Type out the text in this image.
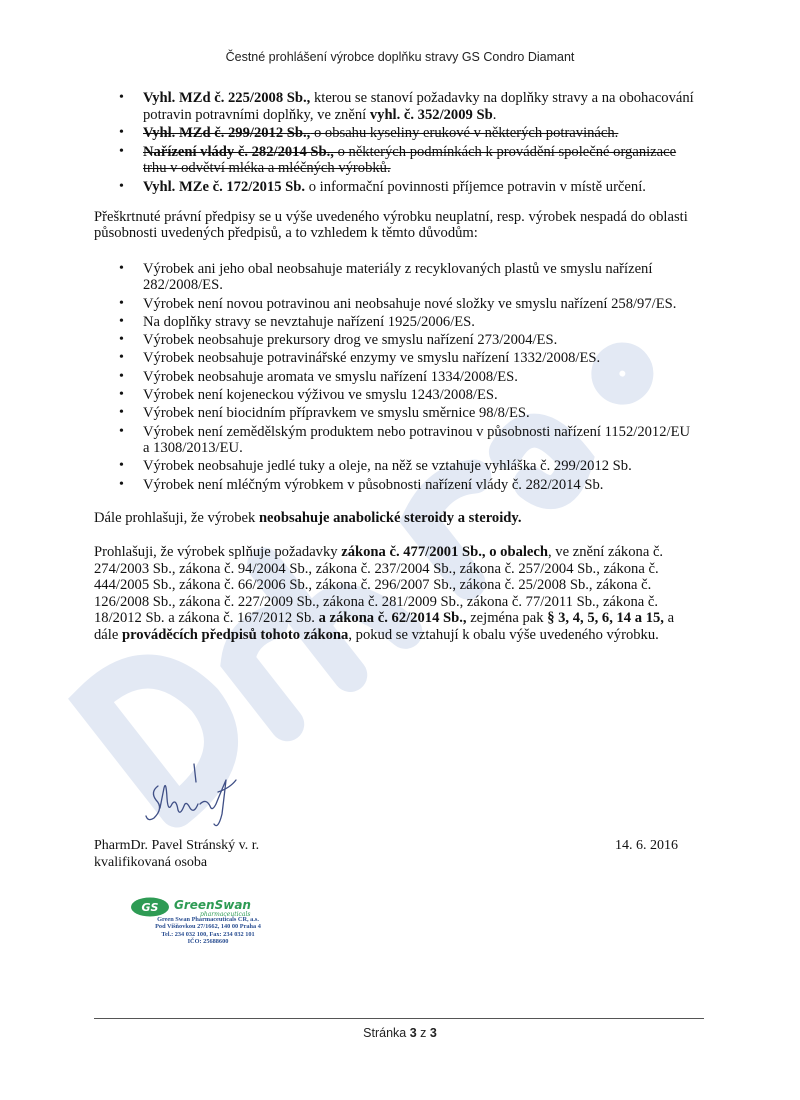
Čestné prohlášení výrobce doplňku stravy GS Condro Diamant
• Vyhl. MZd č. 225/2008 Sb., kterou se stanoví požadavky na doplňky stravy a na obohacování potravin potravními doplňky, ve znění vyhl. č. 352/2009 Sb.
• Vyhl. MZd č. 299/2012 Sb., o obsahu kyseliny erukové v některých potravinách.
• Nařízení vlády č. 282/2014 Sb., o některých podmínkách k provádění společné organizace trhu v odvětví mléka a mléčných výrobků.
• Vyhl. MZe č. 172/2015 Sb. o informační povinnosti příjemce potravin v místě určení.

Přeškrtnuté právní předpisy se u výše uvedeného výrobku neuplatní, resp. výrobek nespadá do oblasti působnosti uvedených předpisů, a to vzhledem k těmto důvodům:

• Výrobek ani jeho obal neobsahuje materiály z recyklovaných plastů ve smyslu nařízení 282/2008/ES.
• Výrobek není novou potravinou ani neobsahuje nové složky ve smyslu nařízení 258/97/ES.
• Na doplňky stravy se nevztahuje nařízení 1925/2006/ES.
• Výrobek neobsahuje prekursory drog ve smyslu nařízení 273/2004/ES.
• Výrobek neobsahuje potravinářské enzymy ve smyslu nařízení 1332/2008/ES.
• Výrobek neobsahuje aromata ve smyslu nařízení 1334/2008/ES.
• Výrobek není kojeneckou výživou ve smyslu 1243/2008/ES.
• Výrobek není biocidním přípravkem ve smyslu směrnice 98/8/ES.
• Výrobek není zemědělským produktem nebo potravinou v působnosti nařízení 1152/2012/EU a 1308/2013/EU.
• Výrobek neobsahuje jedlé tuky a oleje, na něž se vztahuje vyhláška č. 299/2012 Sb.
• Výrobek není mléčným výrobkem v působnosti nařízení vlády č. 282/2014 Sb.

Dále prohlašuji, že výrobek neobsahuje anabolické steroidy a steroidy.

Prohlašuji, že výrobek splňuje požadavky zákona č. 477/2001 Sb., o obalech, ve znění zákona č. 274/2003 Sb., zákona č. 94/2004 Sb., zákona č. 237/2004 Sb., zákona č. 257/2004 Sb., zákona č. 444/2005 Sb., zákona č. 66/2006 Sb., zákona č. 296/2007 Sb., zákona č. 25/2008 Sb., zákona č. 126/2008 Sb., zákona č. 227/2009 Sb., zákona č. 281/2009 Sb., zákona č. 77/2011 Sb., zákona č. 18/2012 Sb. a zákona č. 167/2012 Sb. a zákona č. 62/2014 Sb., zejména pak § 3, 4, 5, 6, 14 a 15, a dále prováděcích předpisů tohoto zákona, pokud se vztahují k obalu výše uvedeného výrobku.

PharmDr. Pavel Stránský v. r.
kvalifikovaná osoba
14. 6. 2016
GS GreenSwan
pharmaceuticals
Green Swan Pharmaceuticals CR, a.s.
Pod Višňovkou 27/1662, 140 00 Praha 4
Tel.: 234 032 100, Fax: 234 032 101
IČO: 25688600
Stránka 3 z 3
